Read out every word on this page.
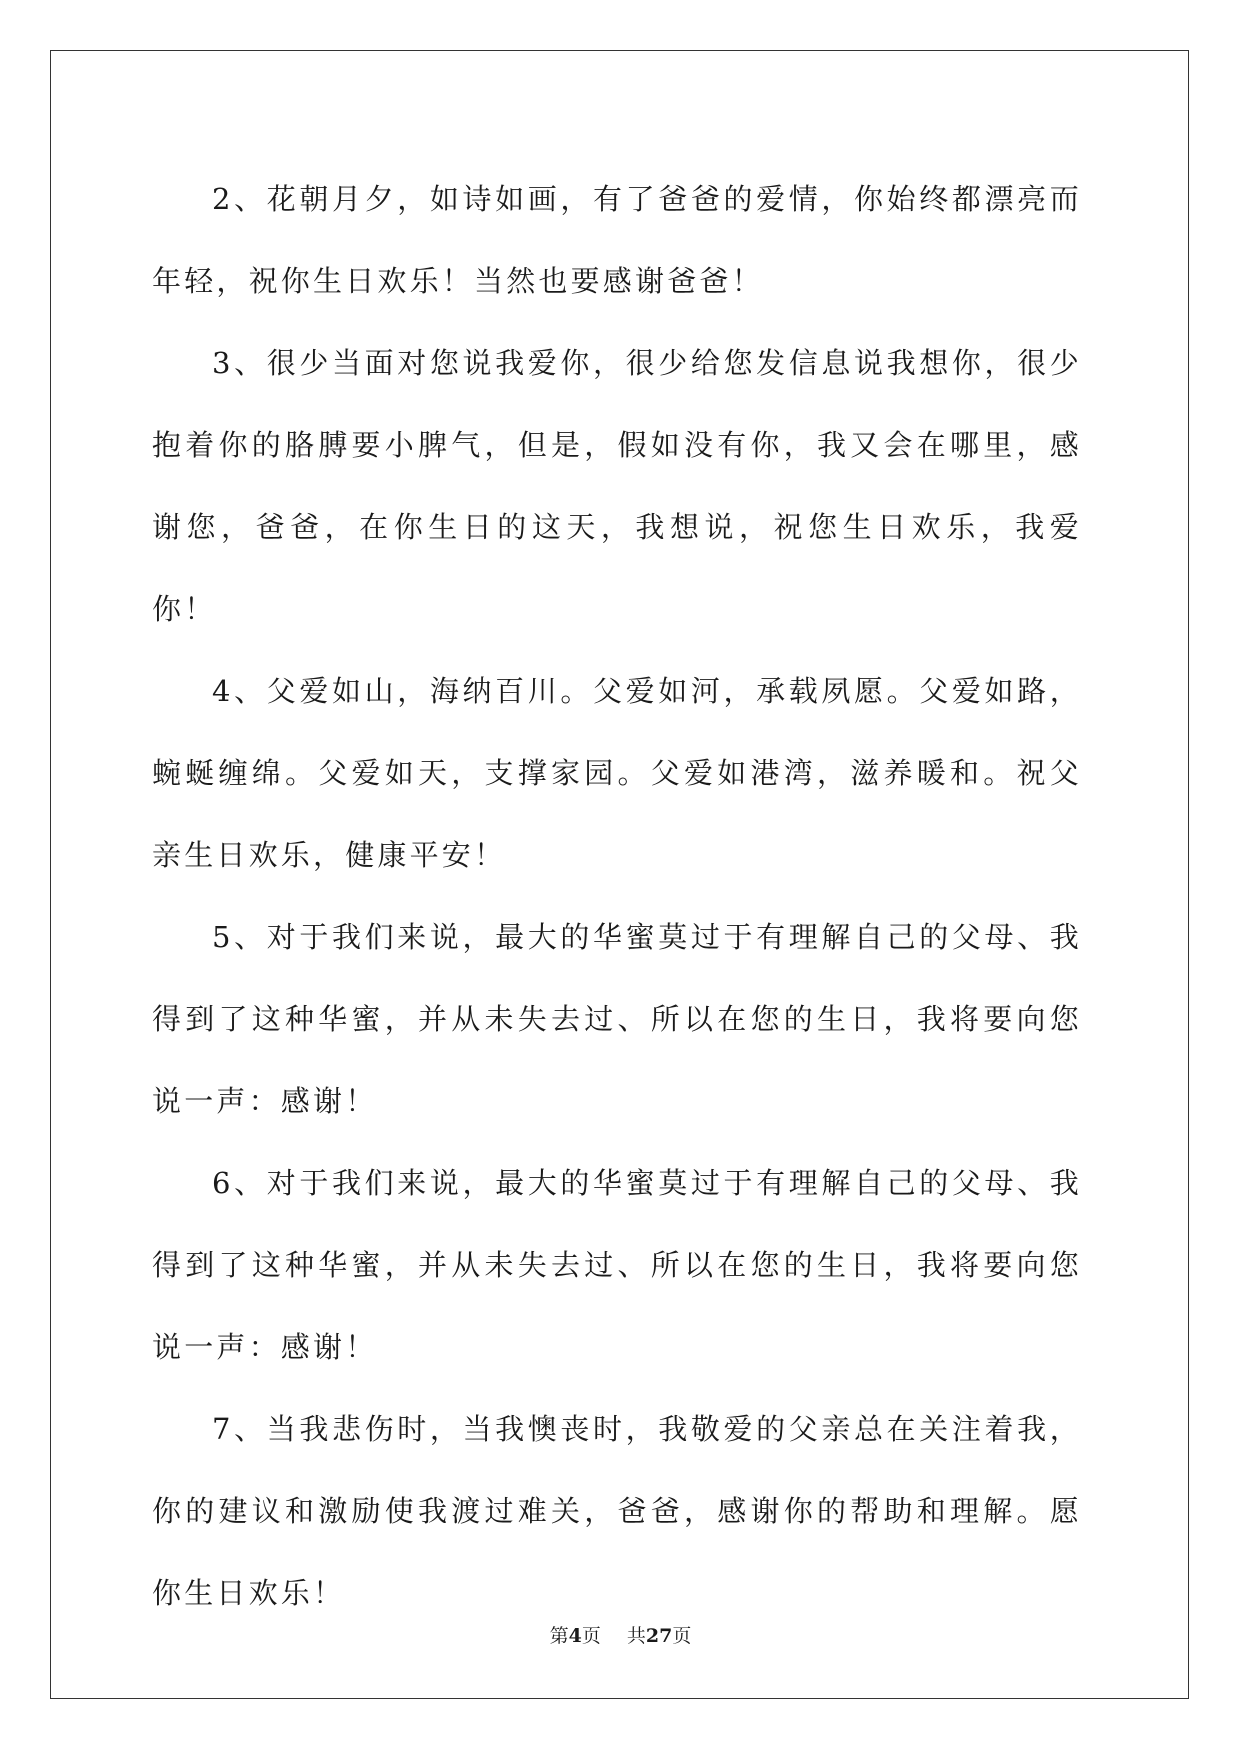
2、花朝月夕，如诗如画，有了爸爸的爱情，你始终都漂亮而年轻，祝你生日欢乐！当然也要感谢爸爸！

3、很少当面对您说我爱你，很少给您发信息说我想你，很少抱着你的胳膊要小脾气，但是，假如没有你，我又会在哪里，感谢您，爸爸，在你生日的这天，我想说，祝您生日欢乐，我爱你！

4、父爱如山，海纳百川。父爱如河，承载夙愿。父爱如路，蜿蜒缠绵。父爱如天，支撑家园。父爱如港湾，滋养暖和。祝父亲生日欢乐，健康平安！

5、对于我们来说，最大的华蜜莫过于有理解自己的父母、我得到了这种华蜜，并从未失去过、所以在您的生日，我将要向您说一声：感谢！

6、对于我们来说，最大的华蜜莫过于有理解自己的父母、我得到了这种华蜜，并从未失去过、所以在您的生日，我将要向您说一声：感谢！

7、当我悲伤时，当我懊丧时，我敬爱的父亲总在关注着我，你的建议和激励使我渡过难关，爸爸，感谢你的帮助和理解。愿你生日欢乐！

第4页 共27页
